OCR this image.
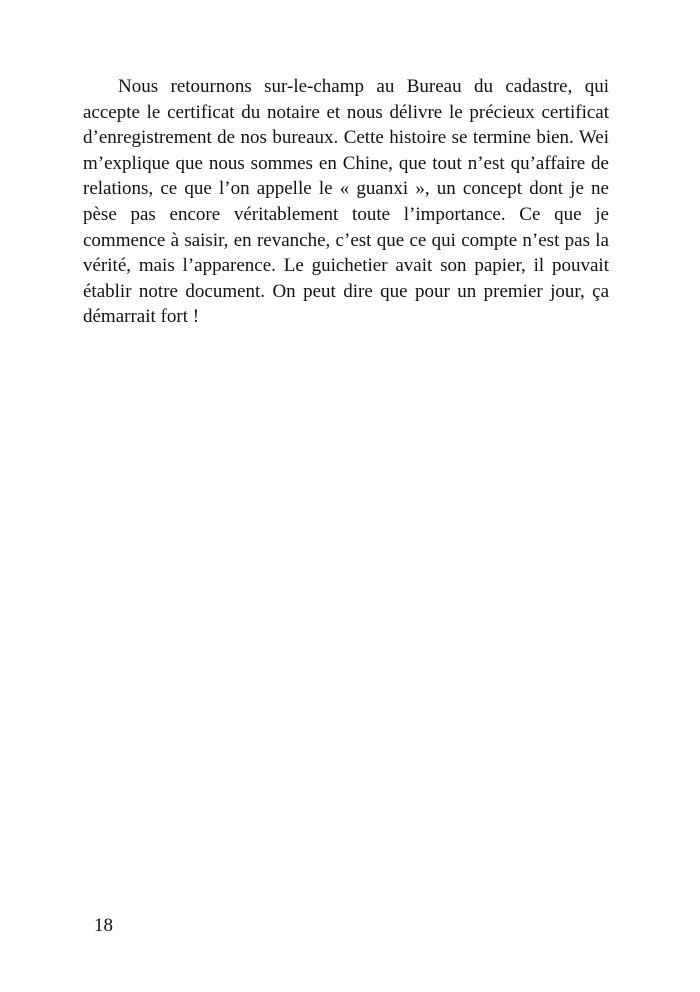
Nous retournons sur-le-champ au Bureau du cadastre, qui accepte le certificat du notaire et nous délivre le précieux certificat d’enregistrement de nos bureaux. Cette histoire se termine bien. Wei m’explique que nous sommes en Chine, que tout n’est qu’affaire de relations, ce que l’on appelle le « guanxi », un concept dont je ne pèse pas encore véritablement toute l’importance. Ce que je commence à saisir, en revanche, c’est que ce qui compte n’est pas la vérité, mais l’apparence. Le guichetier avait son papier, il pouvait établir notre document. On peut dire que pour un premier jour, ça démarrait fort !

18
